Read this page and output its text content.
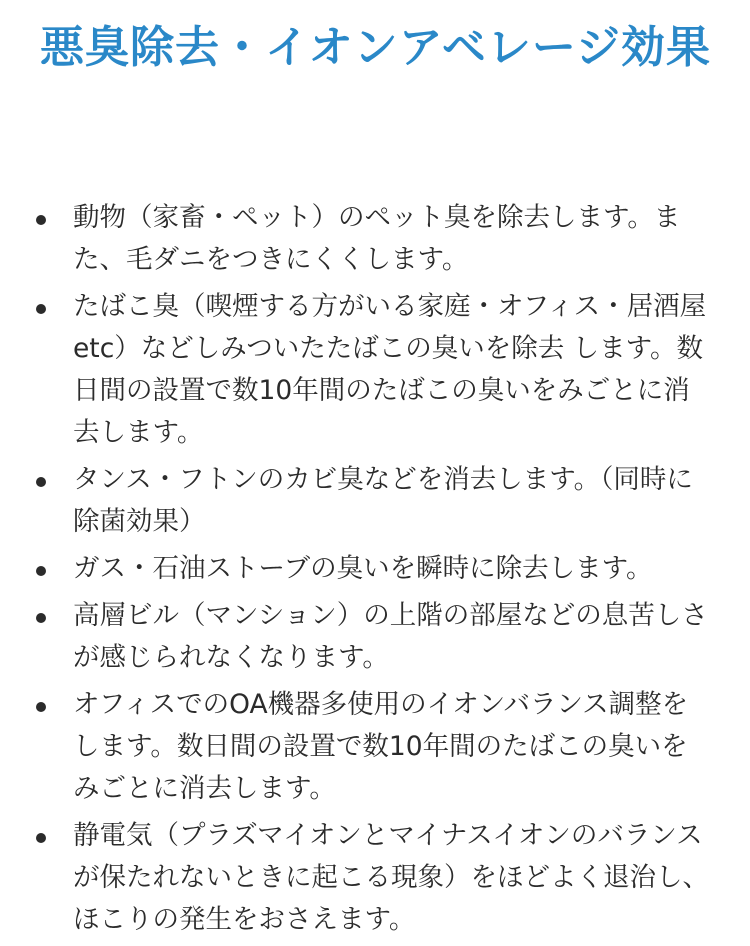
悪臭除去・イオンアベレージ効果
動物（家畜・ペット）のペット臭を除去します。また、毛ダニをつきにくくします。
たばこ臭（喫煙する方がいる家庭・オフィス・居酒屋 etc）などしみついたたばこの臭いを除去 します。数日間の設置で数10年間のたばこの臭いをみごとに消去します。
タンス・フトンのカビ臭などを消去します。（同時に除菌効果）
ガス・石油ストーブの臭いを瞬時に除去します。
高層ビル（マンション）の上階の部屋などの息苦しさが感じられなくなります。
オフィスでのOA機器多使用のイオンバランス調整をします。数日間の設置で数10年間のたばこの臭いをみごとに消去します。
静電気（プラズマイオンとマイナスイオンのバランスが保たれないときに起こる現象）をほどよく退治し、ほこりの発生をおさえます。
